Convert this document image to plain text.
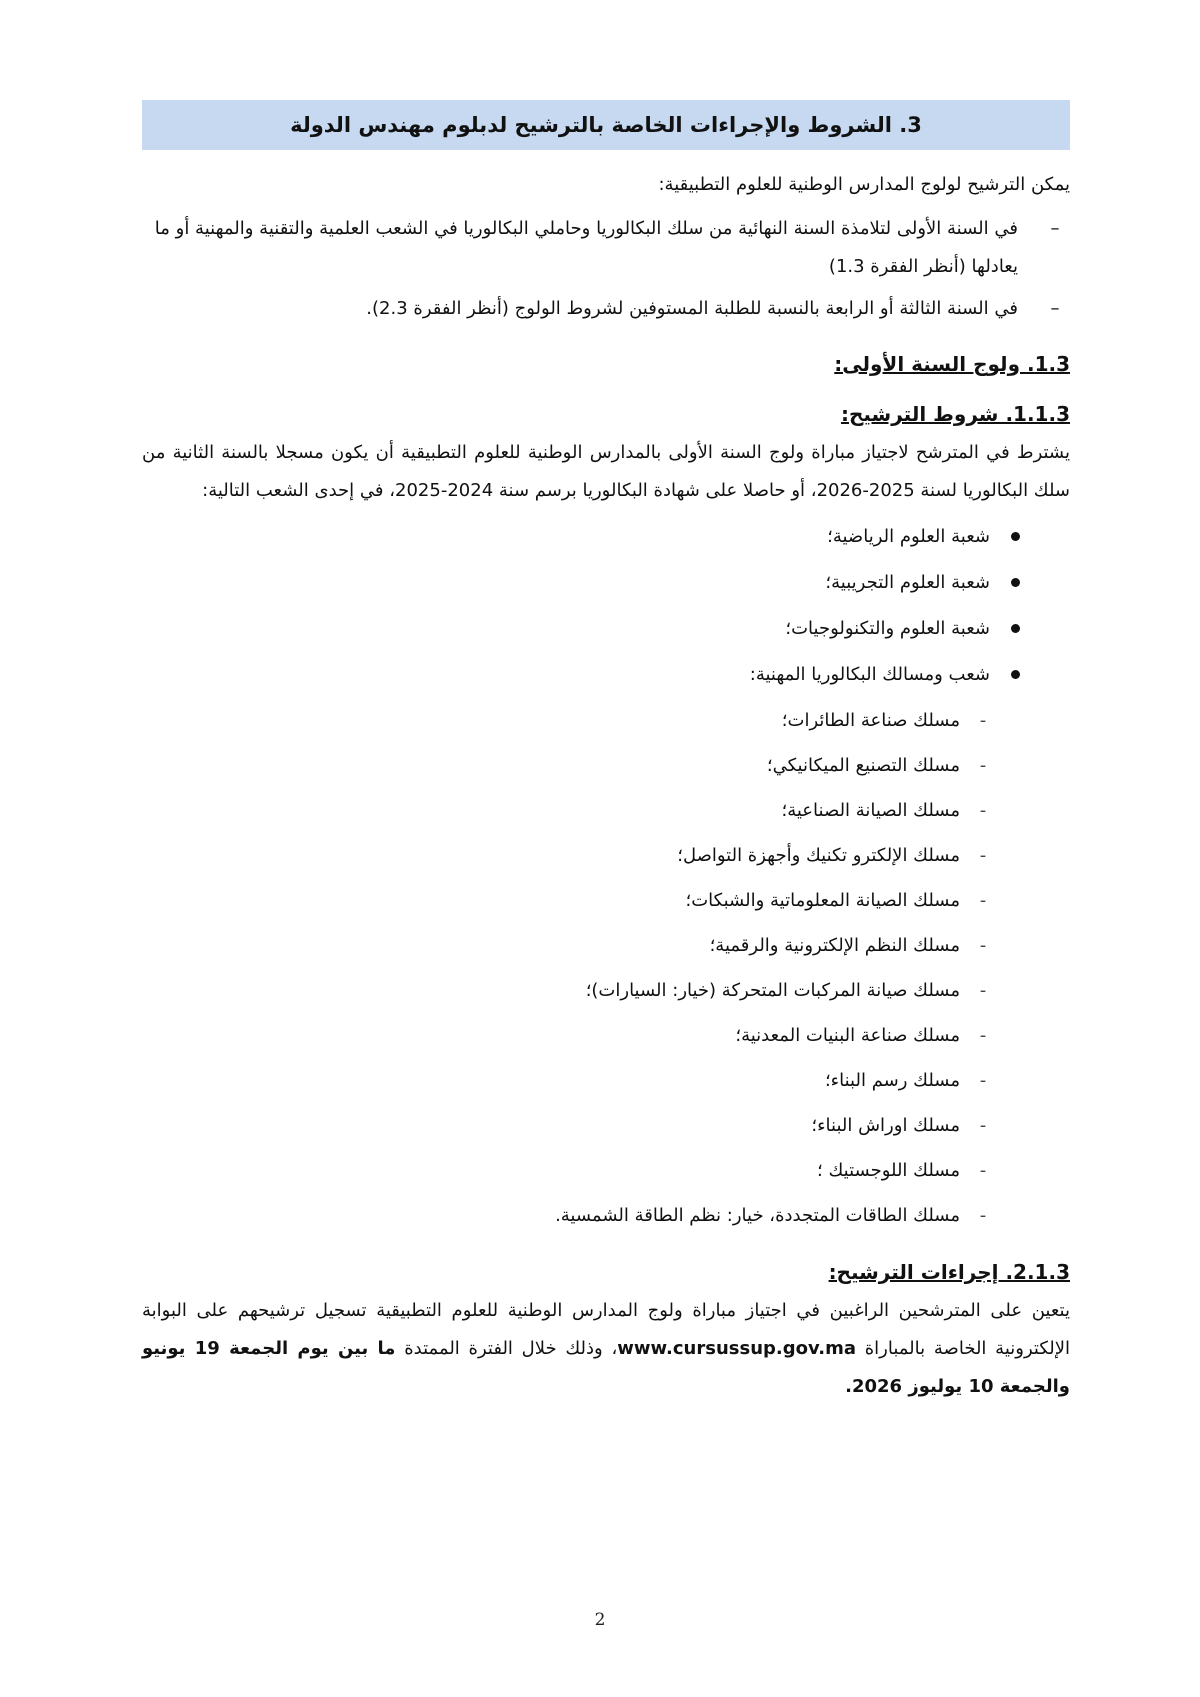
3. الشروط والإجراءات الخاصة بالترشيح لدبلوم مهندس الدولة

يمكن الترشيح لولوج المدارس الوطنية للعلوم التطبيقية:

–
في السنة الأولى لتلامذة السنة النهائية من سلك البكالوريا وحاملي البكالوريا في الشعب العلمية والتقنية والمهنية أو ما يعادلها (أنظر الفقرة 1.3)
–
في السنة الثالثة أو الرابعة بالنسبة للطلبة المستوفين لشروط الولوج (أنظر الفقرة 2.3).

1.3. ولوج السنة الأولى:

1.1.3. شروط الترشيح:

يشترط في المترشح لاجتياز مباراة ولوج السنة الأولى بالمدارس الوطنية للعلوم التطبيقية أن يكون مسجلا بالسنة الثانية من سلك البكالوريا لسنة 2025-2026، أو حاصلا على شهادة البكالوريا برسم سنة 2024-2025، في إحدى الشعب التالية:

شعبة العلوم الرياضية؛
شعبة العلوم التجريبية؛
شعبة العلوم والتكنولوجيات؛
شعب ومسالك البكالوريا المهنية:
-
مسلك صناعة الطائرات؛
-
مسلك التصنيع الميكانيكي؛
-
مسلك الصيانة الصناعية؛
-
مسلك الإلكترو تكنيك وأجهزة التواصل؛
-
مسلك الصيانة المعلوماتية والشبكات؛
-
مسلك النظم الإلكترونية والرقمية؛
-
مسلك صيانة المركبات المتحركة (خيار: السيارات)؛
-
مسلك صناعة البنيات المعدنية؛
-
مسلك رسم البناء؛
-
مسلك اوراش البناء؛
-
مسلك اللوجستيك ؛
-
مسلك الطاقات المتجددة، خيار: نظم الطاقة الشمسية.

2.1.3. إجراءات الترشيح:

يتعين على المترشحين الراغبين في اجتياز مباراة ولوج المدارس الوطنية للعلوم التطبيقية تسجيل ترشيحهم على البوابة الإلكترونية الخاصة بالمباراة www.cursussup.gov.ma، وذلك خلال الفترة الممتدة ما بين يوم الجمعة 19 يونيو والجمعة 10 يوليوز 2026.

2
